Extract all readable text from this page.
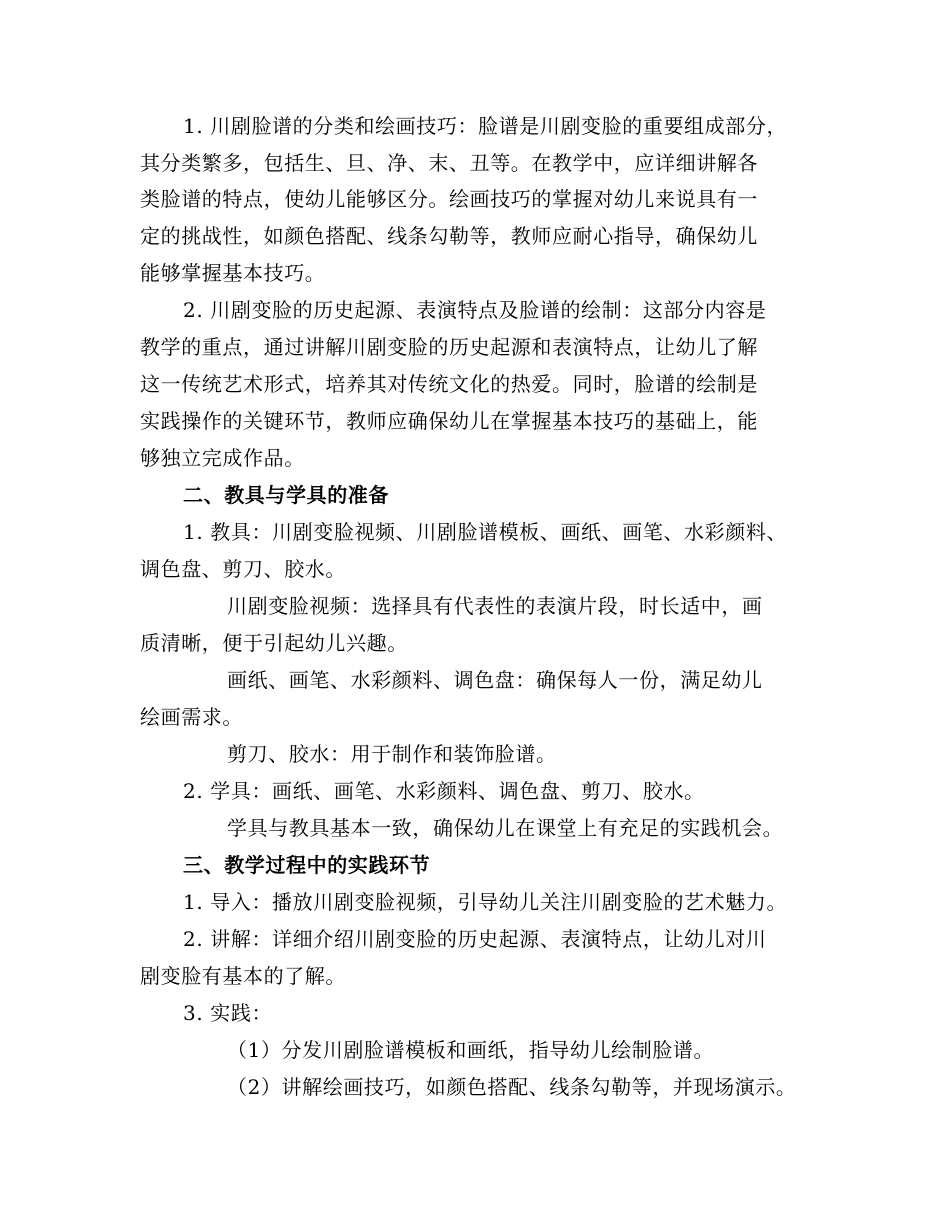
1. 川剧脸谱的分类和绘画技巧：脸谱是川剧变脸的重要组成部分，
其分类繁多，包括生、旦、净、末、丑等。在教学中，应详细讲解各
类脸谱的特点，使幼儿能够区分。绘画技巧的掌握对幼儿来说具有一
定的挑战性，如颜色搭配、线条勾勒等，教师应耐心指导，确保幼儿
能够掌握基本技巧。
2. 川剧变脸的历史起源、表演特点及脸谱的绘制：这部分内容是
教学的重点，通过讲解川剧变脸的历史起源和表演特点，让幼儿了解
这一传统艺术形式，培养其对传统文化的热爱。同时，脸谱的绘制是
实践操作的关键环节，教师应确保幼儿在掌握基本技巧的基础上，能
够独立完成作品。
二、教具与学具的准备
1. 教具：川剧变脸视频、川剧脸谱模板、画纸、画笔、水彩颜料、
调色盘、剪刀、胶水。
川剧变脸视频：选择具有代表性的表演片段，时长适中，画
质清晰，便于引起幼儿兴趣。
画纸、画笔、水彩颜料、调色盘：确保每人一份，满足幼儿
绘画需求。
剪刀、胶水：用于制作和装饰脸谱。
2. 学具：画纸、画笔、水彩颜料、调色盘、剪刀、胶水。
学具与教具基本一致，确保幼儿在课堂上有充足的实践机会。
三、教学过程中的实践环节
1. 导入：播放川剧变脸视频，引导幼儿关注川剧变脸的艺术魅力。
2. 讲解：详细介绍川剧变脸的历史起源、表演特点，让幼儿对川
剧变脸有基本的了解。
3. 实践：
（1）分发川剧脸谱模板和画纸，指导幼儿绘制脸谱。
（2）讲解绘画技巧，如颜色搭配、线条勾勒等，并现场演示。
